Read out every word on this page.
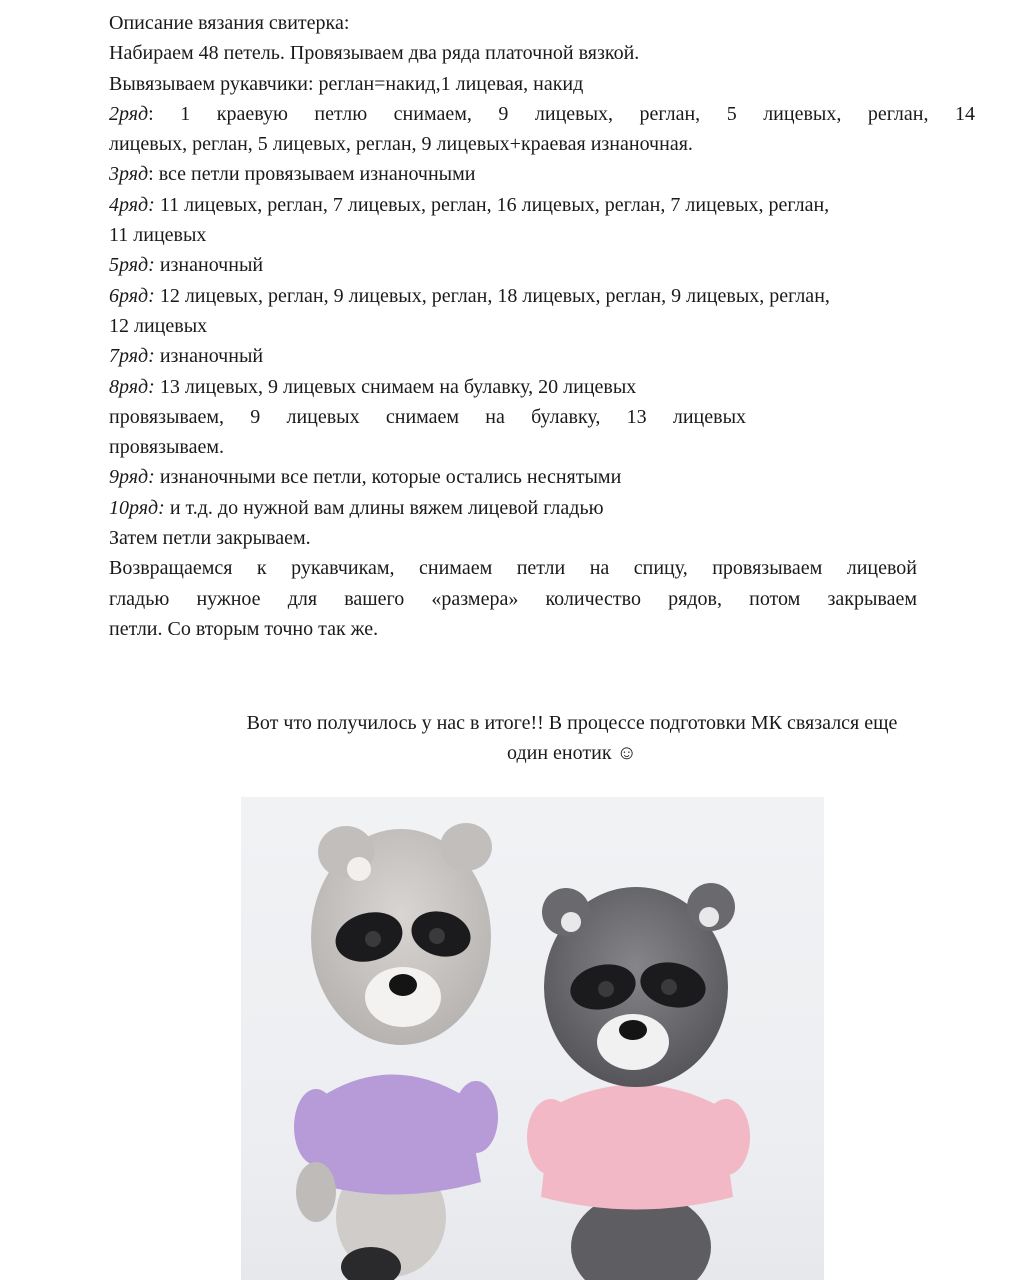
Описание вязания свитерка:
Набираем 48 петель. Провязываем два ряда платочной вязкой.
Вывязываем рукавчики: реглан=накид,1 лицевая, накид
2ряд: 1 краевую петлю снимаем, 9 лицевых, реглан, 5 лицевых, реглан, 14
лицевых, реглан, 5 лицевых, реглан, 9 лицевых+краевая изнаночная.
3ряд: все петли провязываем изнаночными
4ряд: 11 лицевых, реглан, 7 лицевых, реглан, 16 лицевых, реглан, 7 лицевых, реглан,
11 лицевых
5ряд: изнаночный
6ряд: 12 лицевых, реглан, 9 лицевых, реглан, 18 лицевых, реглан, 9 лицевых, реглан,
12 лицевых
7ряд: изнаночный
8ряд: 13 лицевых, 9 лицевых снимаем на булавку, 20 лицевых
провязываем, 9 лицевых снимаем на булавку, 13 лицевых
провязываем.
9ряд: изнаночными все петли, которые остались неснятыми
10ряд: и т.д. до нужной вам длины вяжем лицевой гладью
Затем петли закрываем.
Возвращаемся к рукавчикам, снимаем петли на спицу, провязываем лицевой
гладью нужное для вашего «размера» количество рядов, потом закрываем
петли. Со вторым точно так же.
Вот что получилось у нас в итоге!! В процессе подготовки МК связался еще
один енотик ☺
